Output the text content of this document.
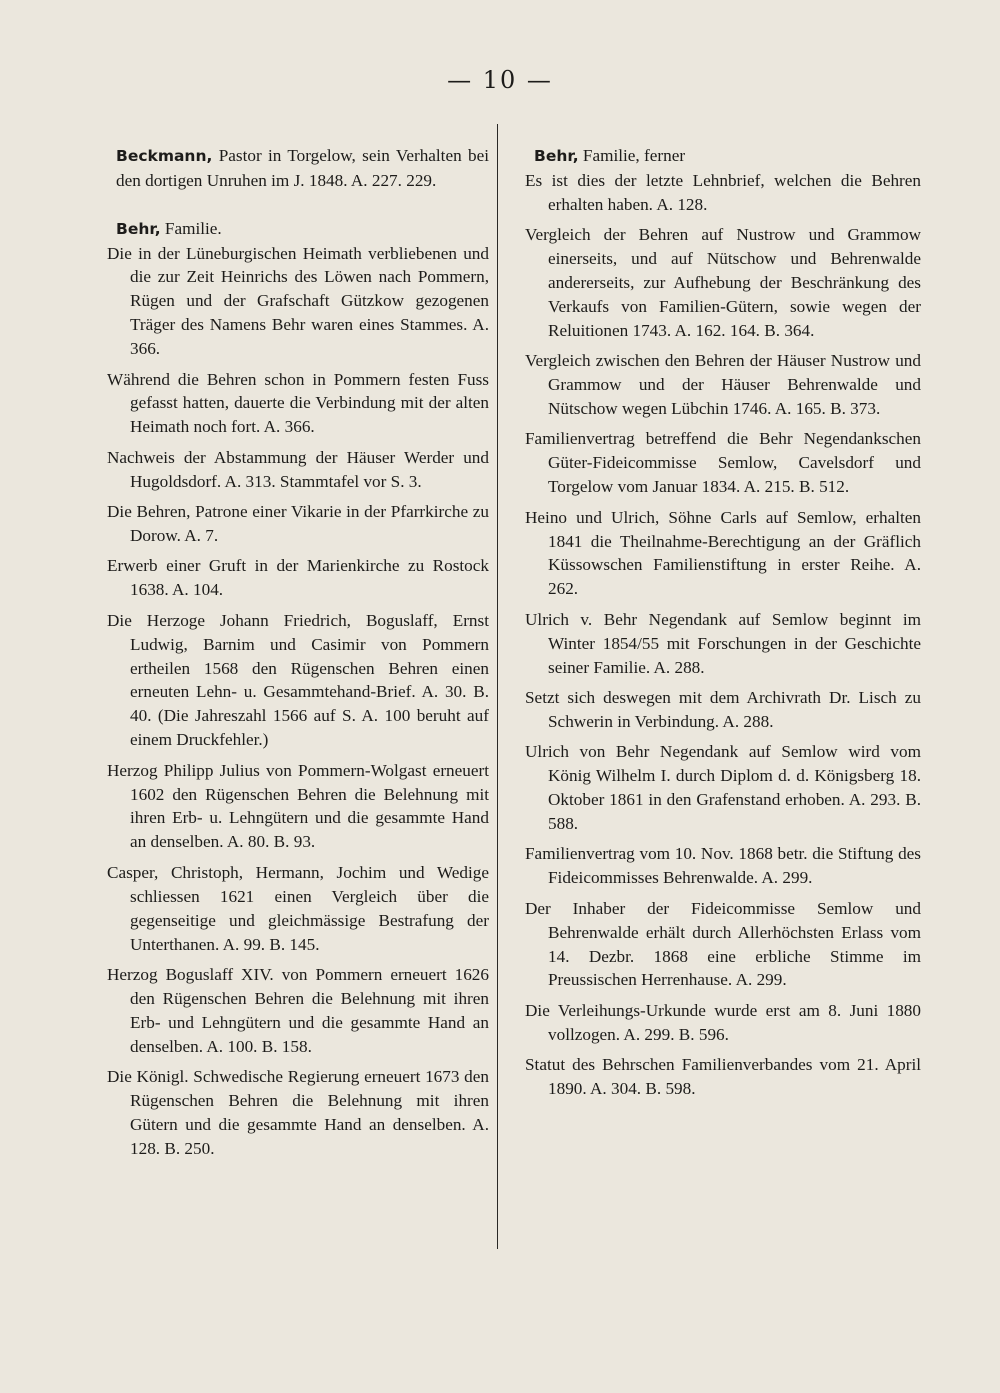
— 10 —

Beckmann, Pastor in Torgelow, sein Verhalten bei den dortigen Unruhen im J. 1848. A. 227. 229.

Behr, Familie.

Die in der Lüneburgischen Heimath verbliebenen und die zur Zeit Heinrichs des Löwen nach Pommern, Rügen und der Grafschaft Gützkow gezogenen Träger des Namens Behr waren eines Stammes. A. 366.

Während die Behren schon in Pommern festen Fuss gefasst hatten, dauerte die Verbindung mit der alten Heimath noch fort. A. 366.

Nachweis der Abstammung der Häuser Werder und Hugoldsdorf. A. 313. Stammtafel vor S. 3.

Die Behren, Patrone einer Vikarie in der Pfarrkirche zu Dorow. A. 7.

Erwerb einer Gruft in der Marienkirche zu Rostock 1638. A. 104.

Die Herzoge Johann Friedrich, Boguslaff, Ernst Ludwig, Barnim und Casimir von Pommern ertheilen 1568 den Rügenschen Behren einen erneuten Lehn- u. Gesammtehand-Brief. A. 30. B. 40. (Die Jahreszahl 1566 auf S. A. 100 beruht auf einem Druckfehler.)

Herzog Philipp Julius von Pommern-Wolgast erneuert 1602 den Rügenschen Behren die Belehnung mit ihren Erb- u. Lehngütern und die gesammte Hand an denselben. A. 80. B. 93.

Casper, Christoph, Hermann, Jochim und Wedige schliessen 1621 einen Vergleich über die gegenseitige und gleichmässige Bestrafung der Unterthanen. A. 99. B. 145.

Herzog Boguslaff XIV. von Pommern erneuert 1626 den Rügenschen Behren die Belehnung mit ihren Erb- und Lehngütern und die gesammte Hand an denselben. A. 100. B. 158.

Die Königl. Schwedische Regierung erneuert 1673 den Rügenschen Behren die Belehnung mit ihren Gütern und die gesammte Hand an denselben. A. 128. B. 250.

Behr, Familie, ferner

Es ist dies der letzte Lehnbrief, welchen die Behren erhalten haben. A. 128.

Vergleich der Behren auf Nustrow und Grammow einerseits, und auf Nütschow und Behrenwalde andererseits, zur Aufhebung der Beschränkung des Verkaufs von Familien-Gütern, sowie wegen der Reluitionen 1743. A. 162. 164. B. 364.

Vergleich zwischen den Behren der Häuser Nustrow und Grammow und der Häuser Behrenwalde und Nütschow wegen Lübchin 1746. A. 165. B. 373.

Familienvertrag betreffend die Behr Negendankschen Güter-Fideicommisse Semlow, Cavelsdorf und Torgelow vom Januar 1834. A. 215. B. 512.

Heino und Ulrich, Söhne Carls auf Semlow, erhalten 1841 die Theilnahme-Berechtigung an der Gräflich Küssowschen Familienstiftung in erster Reihe. A. 262.

Ulrich v. Behr Negendank auf Semlow beginnt im Winter 1854/55 mit Forschungen in der Geschichte seiner Familie. A. 288.

Setzt sich deswegen mit dem Archivrath Dr. Lisch zu Schwerin in Verbindung. A. 288.

Ulrich von Behr Negendank auf Semlow wird vom König Wilhelm I. durch Diplom d. d. Königsberg 18. Oktober 1861 in den Grafenstand erhoben. A. 293. B. 588.

Familienvertrag vom 10. Nov. 1868 betr. die Stiftung des Fideicommisses Behrenwalde. A. 299.

Der Inhaber der Fideicommisse Semlow und Behrenwalde erhält durch Allerhöchsten Erlass vom 14. Dezbr. 1868 eine erbliche Stimme im Preussischen Herrenhause. A. 299.

Die Verleihungs-Urkunde wurde erst am 8. Juni 1880 vollzogen. A. 299. B. 596.

Statut des Behrschen Familienverbandes vom 21. April 1890. A. 304. B. 598.
